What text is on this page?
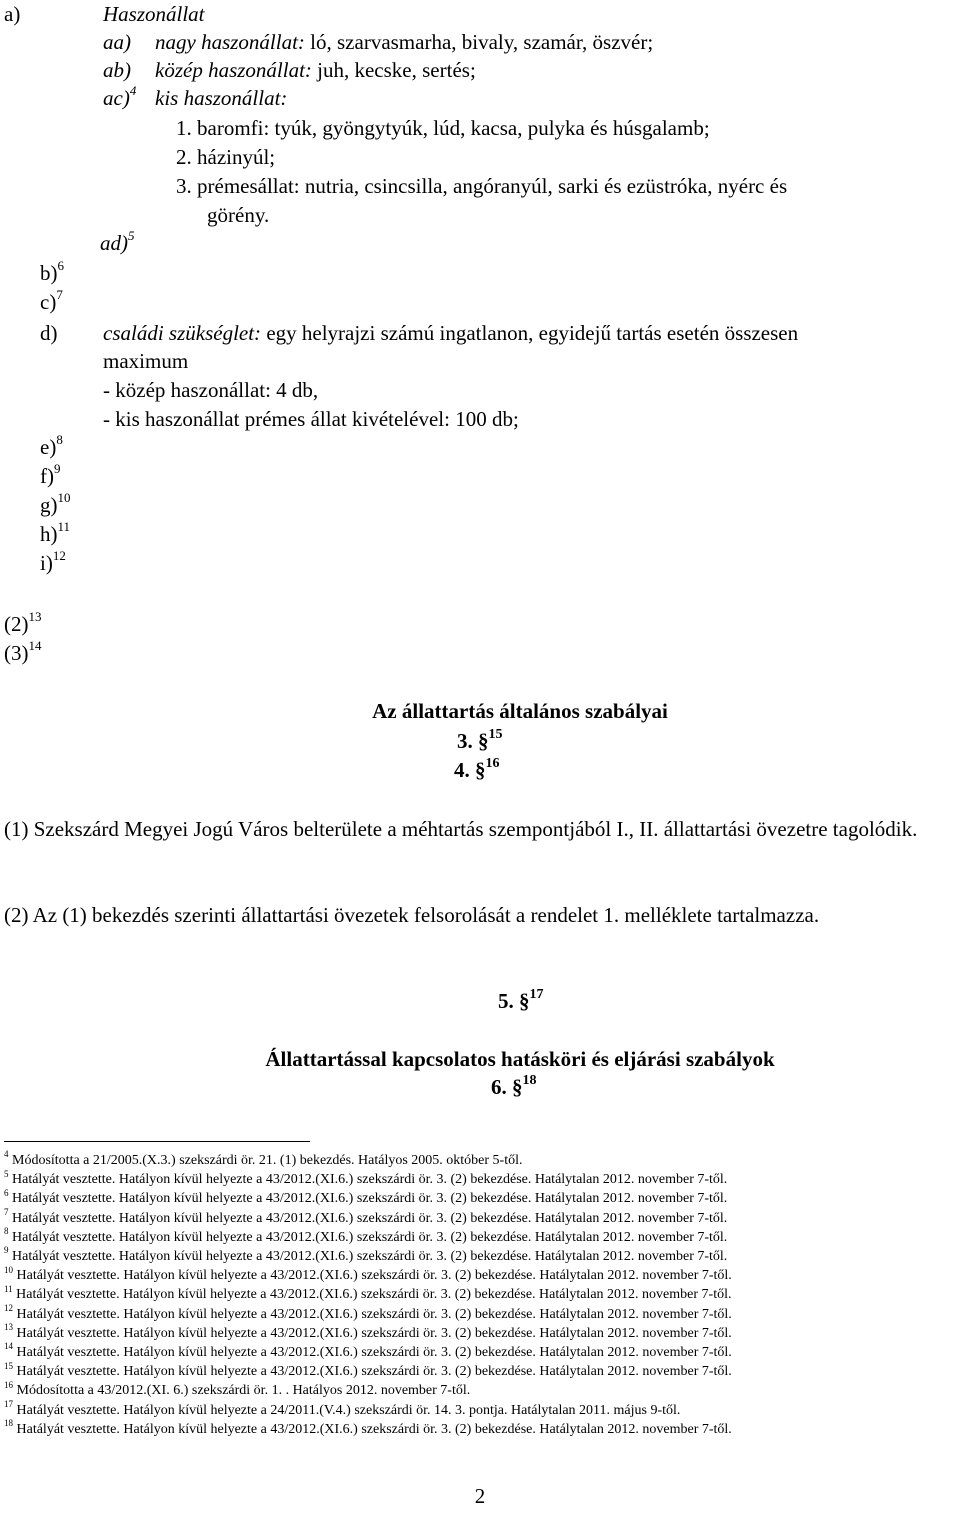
a)	Haszonállat
aa) nagy haszonállat: ló, szarvasmarha, bivaly, szamár, öszvér;
ab) közép haszonállat: juh, kecske, sertés;
ac)$^4$ kis haszonállat:
1. baromfi: tyúk, gyöngytyúk, lúd, kacsa, pulyka és húsgalamb;
2. házinyúl;
3. prémesállat: nutria, csincsilla, angóranyúl, sarki és ezüstróka, nyérc és
görény.
ad)$^5$
b)$^6$
c)$^7$
d) családi szükséglet: egy helyrajzi számú ingatlanon, egyidejű tartás esetén összesen
maximum
- közép haszonállat: 4 db,
- kis haszonállat prémes állat kivételével: 100 db;
e)$^8$
f)$^9$
g)$^{10}$
h)$^{11}$
i)$^{12}$
$(2)^{13}$
$(3)^{14}$
Az állattartás általános szabályai
3. §$^{15}$
4. §$^{16}$
(1) Szekszárd Megyei Jogú Város belterülete a méhtartás szempontjából I., II. állattartási övezetre tagolódik.
(2) Az (1) bekezdés szerinti állattartási övezetek felsorolását a rendelet 1. melléklete tartalmazza.
5. §$^{17}$
Állattartással kapcsolatos hatásköri és eljárási szabályok
6. §$^{18}$
$^4$ Módosította a 21/2005.(X.3.) szekszárdi ör. 21. (1) bekezdés. Hatályos 2005. október 5-től.
$^5$ Hatályát vesztette. Hatályon kívül helyezte a 43/2012.(XI.6.) szekszárdi ör. 3. (2) bekezdése. Hatálytalan 2012. november 7-től.
$^6$ Hatályát vesztette. Hatályon kívül helyezte a 43/2012.(XI.6.) szekszárdi ör. 3. (2) bekezdése. Hatálytalan 2012. november 7-től.
$^7$ Hatályát vesztette. Hatályon kívül helyezte a 43/2012.(XI.6.) szekszárdi ör. 3. (2) bekezdése. Hatálytalan 2012. november 7-től.
$^8$ Hatályát vesztette. Hatályon kívül helyezte a 43/2012.(XI.6.) szekszárdi ör. 3. (2) bekezdése. Hatálytalan 2012. november 7-től.
$^9$ Hatályát vesztette. Hatályon kívül helyezte a 43/2012.(XI.6.) szekszárdi ör. 3. (2) bekezdése. Hatálytalan 2012. november 7-től.
$^{10}$ Hatályát vesztette. Hatályon kívül helyezte a 43/2012.(XI.6.) szekszárdi ör. 3. (2) bekezdése. Hatálytalan 2012. november 7-től.
$^{11}$ Hatályát vesztette. Hatályon kívül helyezte a 43/2012.(XI.6.) szekszárdi ör. 3. (2) bekezdése. Hatálytalan 2012. november 7-től.
$^{12}$ Hatályát vesztette. Hatályon kívül helyezte a 43/2012.(XI.6.) szekszárdi ör. 3. (2) bekezdése. Hatálytalan 2012. november 7-től.
$^{13}$ Hatályát vesztette. Hatályon kívül helyezte a 43/2012.(XI.6.) szekszárdi ör. 3. (2) bekezdése. Hatálytalan 2012. november 7-től.
$^{14}$ Hatályát vesztette. Hatályon kívül helyezte a 43/2012.(XI.6.) szekszárdi ör. 3. (2) bekezdése. Hatálytalan 2012. november 7-től.
$^{15}$ Hatályát vesztette. Hatályon kívül helyezte a 43/2012.(XI.6.) szekszárdi ör. 3. (2) bekezdése. Hatálytalan 2012. november 7-től.
$^{16}$ Módosította a 43/2012.(XI. 6.) szekszárdi ör. 1. . Hatályos 2012. november 7-től.
$^{17}$ Hatályát vesztette. Hatályon kívül helyezte a 24/2011.(V.4.) szekszárdi ör. 14. 3. pontja. Hatálytalan 2011. május 9-től.
$^{18}$ Hatályát vesztette. Hatályon kívül helyezte a 43/2012.(XI.6.) szekszárdi ör. 3. (2) bekezdése. Hatálytalan 2012. november 7-től.
2
